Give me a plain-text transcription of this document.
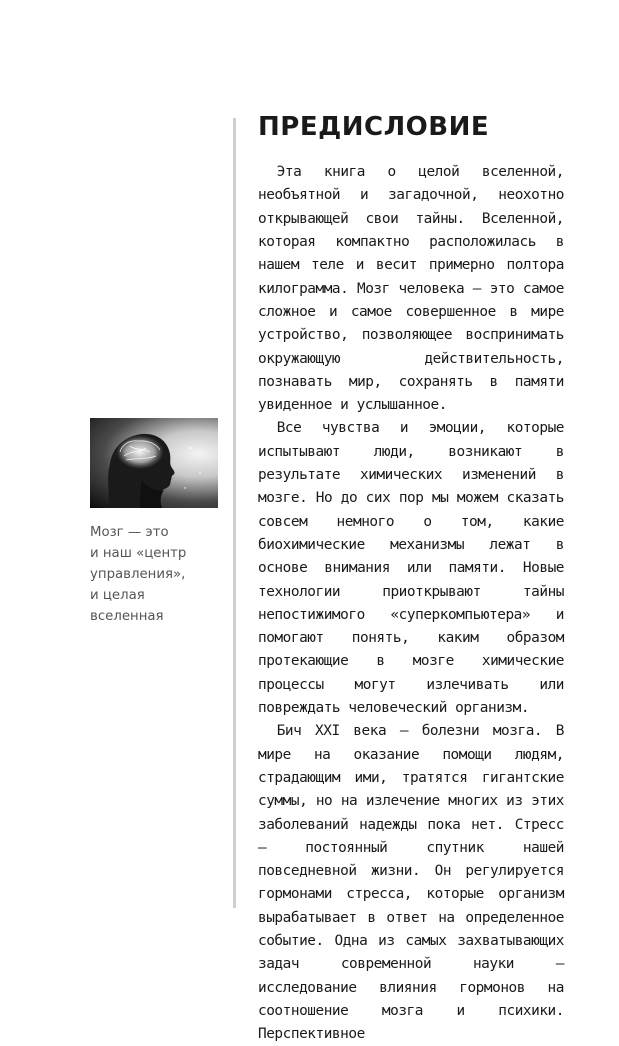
Мозг — это
и наш «центр
управления»,
и целая
вселенная
ПРЕДИСЛОВИЕ

Эта книга о целой вселенной, необъятной и загадочной, неохотно открывающей свои тайны. Вселенной, которая компактно расположилась в нашем теле и весит примерно полтора килограмма. Мозг человека — это самое сложное и самое совершенное в мире устройство, позволяющее воспринимать окружающую действительность, познавать мир, сохранять в памяти увиденное и услышанное.

Все чувства и эмоции, которые испытывают люди, возникают в результате химических изменений в мозге. Но до сих пор мы можем сказать совсем немного о том, какие биохимические механизмы лежат в основе внимания или памяти. Новые технологии приоткрывают тайны непостижимого «суперкомпьютера» и помогают понять, каким образом протекающие в мозге химические процессы могут излечивать или повреждать человеческий организм.

Бич XXI века — болезни мозга. В мире на оказание помощи людям, страдающим ими, тратятся гигантские суммы, но на излечение многих из этих заболеваний надежды пока нет. Стресс — постоянный спутник нашей повседневной жизни. Он регулируется гормонами стресса, которые организм вырабатывает в ответ на определенное событие. Одна из самых захватывающих задач современной науки — исследование влияния гормонов на соотношение мозга и психики. Перспективное
